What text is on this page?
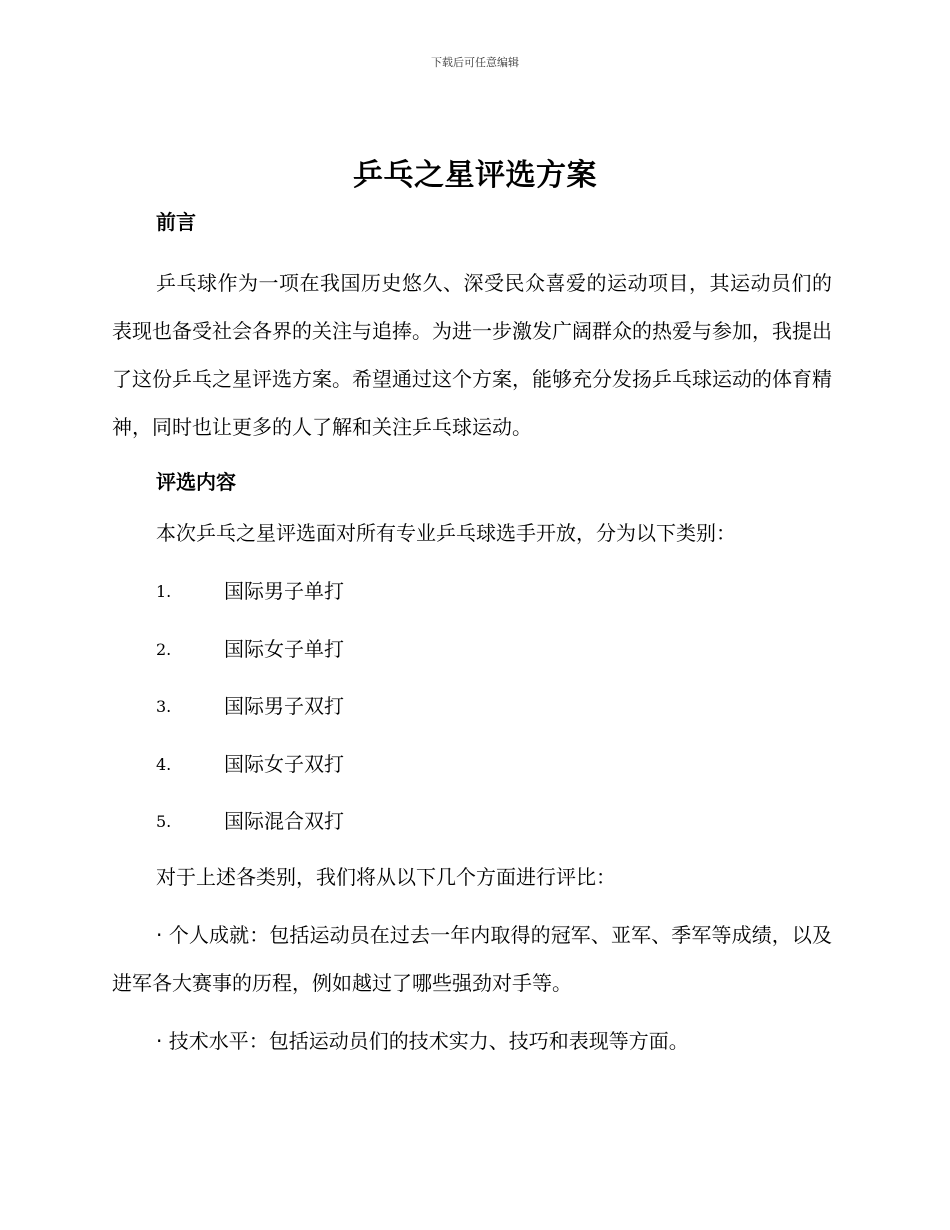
下载后可任意编辑
乒乓之星评选方案
前言

乒乓球作为一项在我国历史悠久、深受民众喜爱的运动项目，其运动员们的表现也备受社会各界的关注与追捧。为进一步激发广阔群众的热爱与参加，我提出了这份乒乓之星评选方案。希望通过这个方案，能够充分发扬乒乓球运动的体育精神，同时也让更多的人了解和关注乒乓球运动。

评选内容

本次乒乓之星评选面对所有专业乒乓球选手开放，分为以下类别：

1.	国际男子单打
2.	国际女子单打
3.	国际男子双打
4.	国际女子双打
5.	国际混合双打

对于上述各类别，我们将从以下几个方面进行评比：

· 个人成就：包括运动员在过去一年内取得的冠军、亚军、季军等成绩，以及进军各大赛事的历程，例如越过了哪些强劲对手等。

· 技术水平：包括运动员们的技术实力、技巧和表现等方面。
